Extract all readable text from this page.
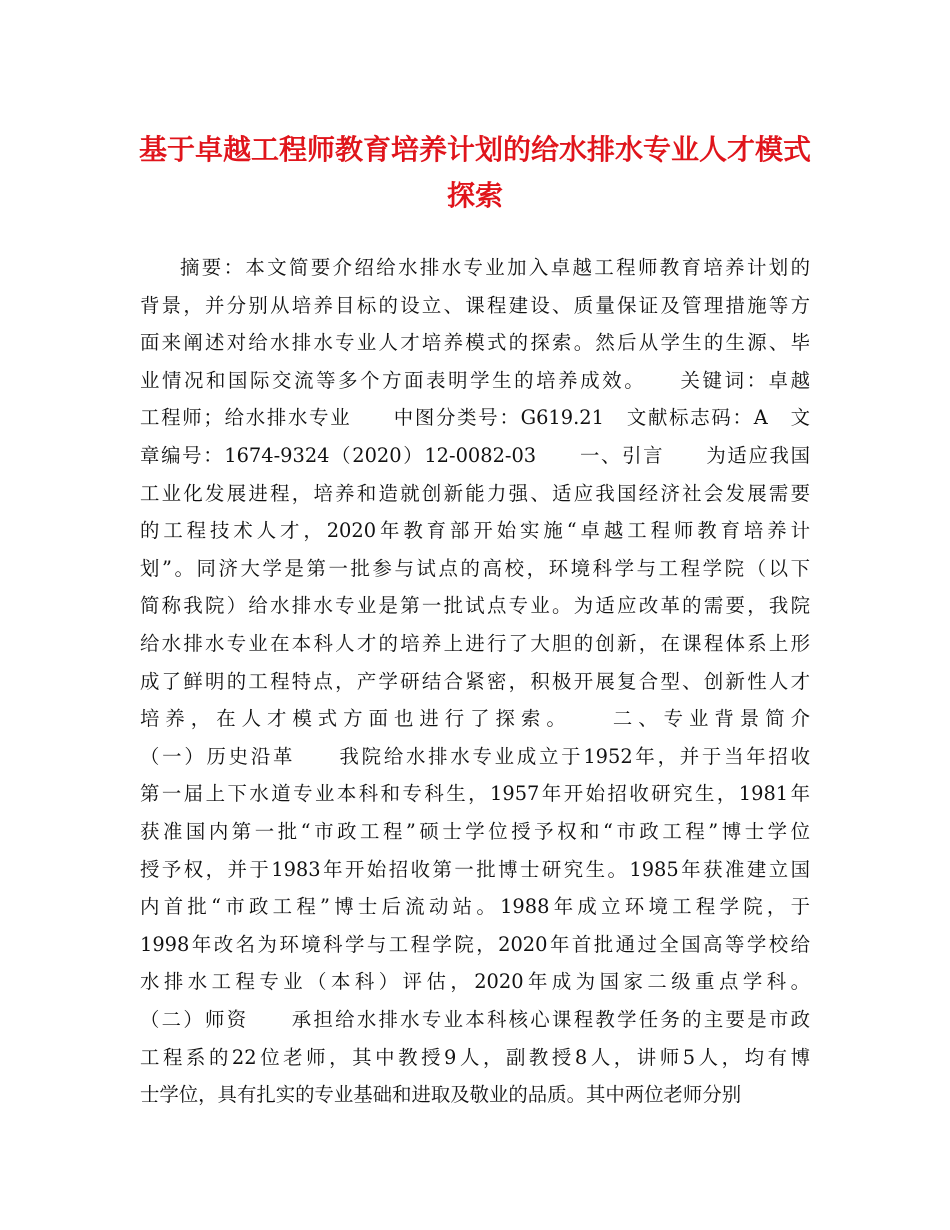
基于卓越工程师教育培养计划的给水排水专业人才模式
探索
摘要：本文简要介绍给水排水专业加入卓越工程师教育培养计划的
背景，并分别从培养目标的设立、课程建设、质量保证及管理措施等方
面来阐述对给水排水专业人才培养模式的探索。然后从学生的生源、毕
业情况和国际交流等多个方面表明学生的培养成效。　　关键词：卓越
工程师；给水排水专业　　中图分类号：G619.21　文献标志码：A　文
章编号：1674-9324（2020）12-0082-03　　一、引言　　为适应我国
工业化发展进程，培养和造就创新能力强、适应我国经济社会发展需要
的工程技术人才，2020年教育部开始实施“卓越工程师教育培养计
划”。同济大学是第一批参与试点的高校，环境科学与工程学院（以下
简称我院）给水排水专业是第一批试点专业。为适应改革的需要，我院
给水排水专业在本科人才的培养上进行了大胆的创新，在课程体系上形
成了鲜明的工程特点，产学研结合紧密，积极开展复合型、创新性人才
培养，在人才模式方面也进行了探索。　　二、专业背景简介
（一）历史沿革　　我院给水排水专业成立于1952年，并于当年招收
第一届上下水道专业本科和专科生，1957年开始招收研究生，1981年
获准国内第一批“市政工程”硕士学位授予权和“市政工程”博士学位
授予权，并于1983年开始招收第一批博士研究生。1985年获准建立国
内首批“市政工程”博士后流动站。1988年成立环境工程学院，于
1998年改名为环境科学与工程学院，2020年首批通过全国高等学校给
水排水工程专业（本科）评估，2020年成为国家二级重点学科。
（二）师资　　承担给水排水专业本科核心课程教学任务的主要是市政
工程系的22位老师，其中教授9人，副教授8人，讲师5人，均有博
士学位，具有扎实的专业基础和进取及敬业的品质。其中两位老师分别
